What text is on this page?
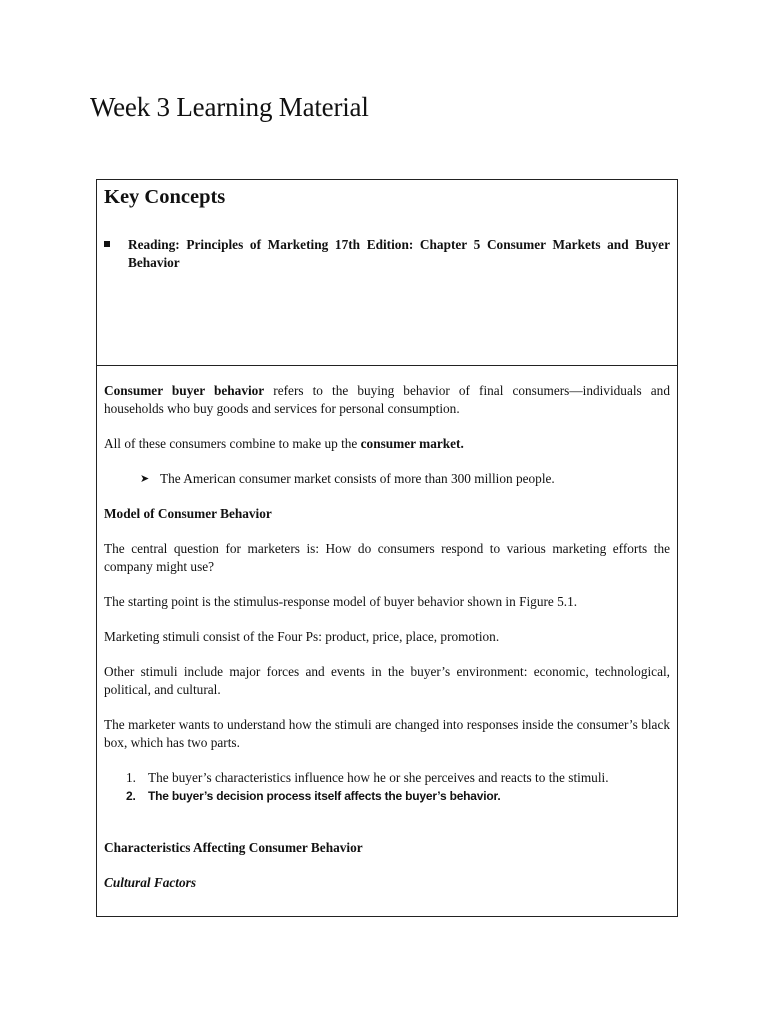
Week 3 Learning Material
Key Concepts
Reading: Principles of Marketing 17th Edition: Chapter 5 Consumer Markets and Buyer Behavior

Consumer buyer behavior refers to the buying behavior of final consumers—individuals and households who buy goods and services for personal consumption.

All of these consumers combine to make up the consumer market.

➤ The American consumer market consists of more than 300 million people.

Model of Consumer Behavior

The central question for marketers is: How do consumers respond to various marketing efforts the company might use?

The starting point is the stimulus-response model of buyer behavior shown in Figure 5.1.

Marketing stimuli consist of the Four Ps: product, price, place, promotion.

Other stimuli include major forces and events in the buyer’s environment: economic, technological, political, and cultural.

The marketer wants to understand how the stimuli are changed into responses inside the consumer’s black box, which has two parts.

1. The buyer’s characteristics influence how he or she perceives and reacts to the stimuli.
2.	The buyer’s decision process itself affects the buyer’s behavior.

Characteristics Affecting Consumer Behavior

Cultural Factors
